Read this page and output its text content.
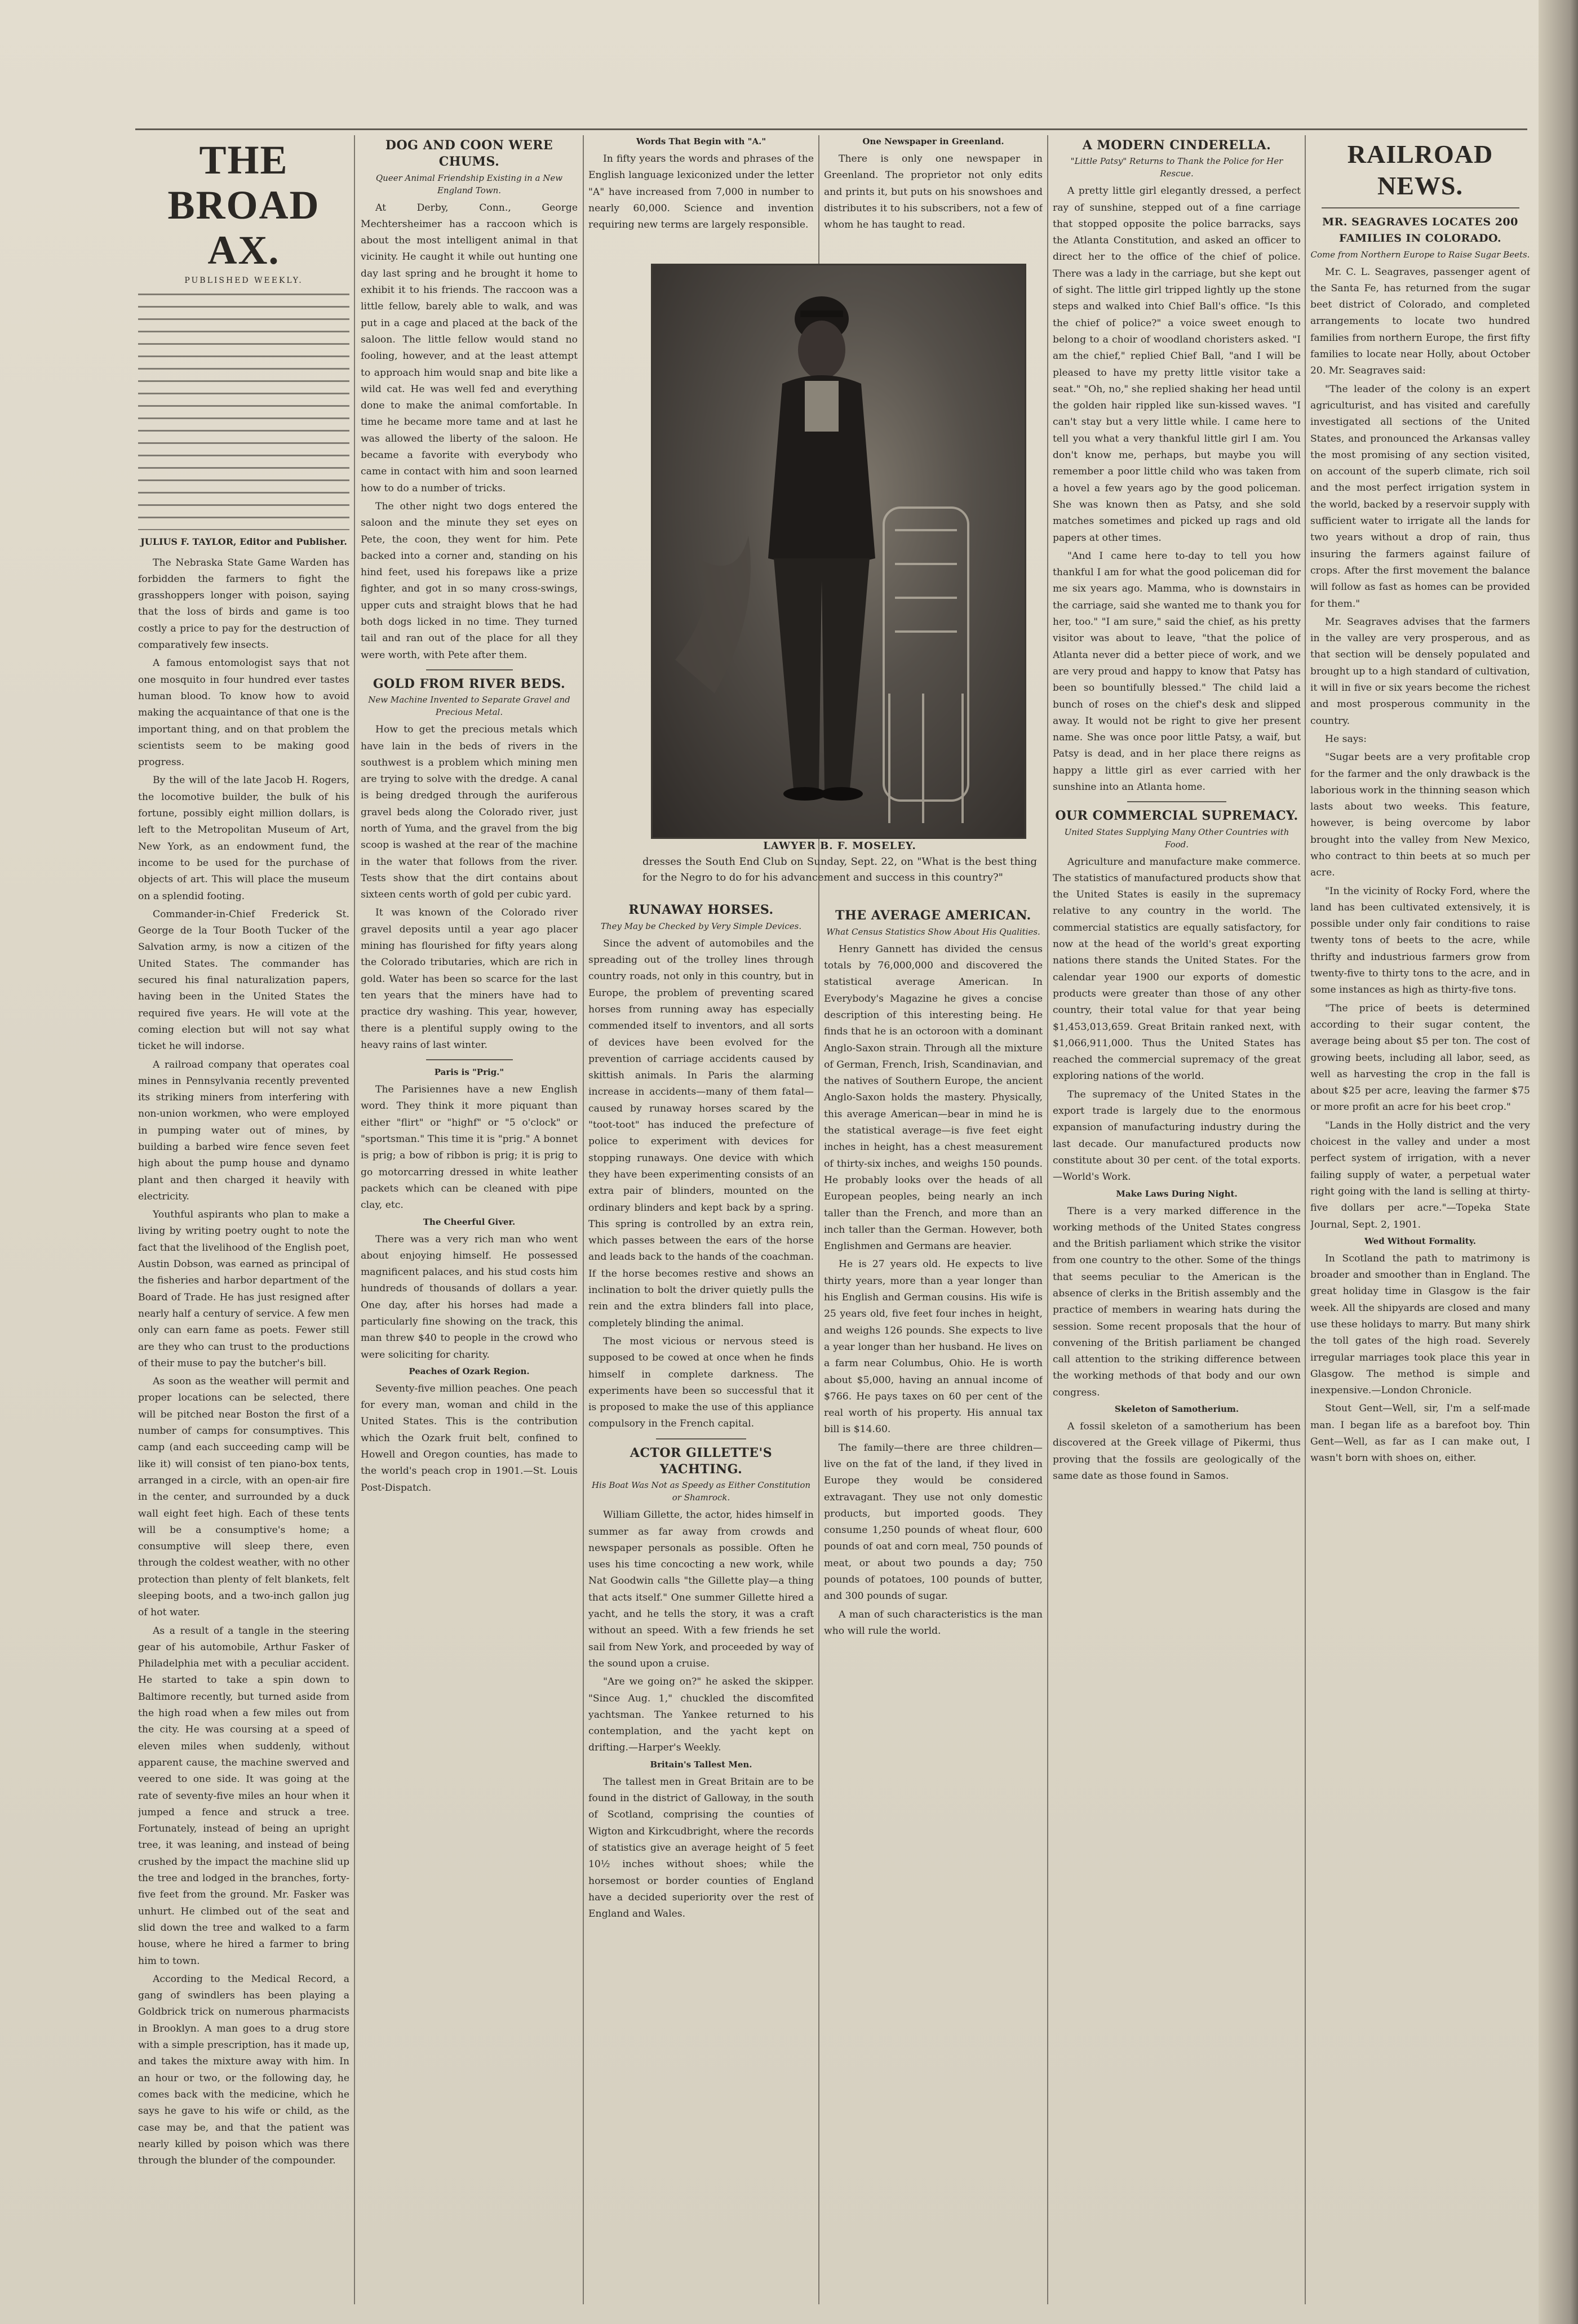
THE BROAD AX.
PUBLISHED WEEKLY.
JULIUS F. TAYLOR, Editor and Publisher.

The Nebraska State Game Warden has forbidden the farmers to fight the grasshoppers longer with poison, saying that the loss of birds and game is too costly a price to pay for the destruction of comparatively few insects.

A famous entomologist says that not one mosquito in four hundred ever tastes human blood. To know how to avoid making the acquaintance of that one is the important thing, and on that problem the scientists seem to be making good progress.

By the will of the late Jacob H. Rogers, the locomotive builder, the bulk of his fortune, possibly eight million dollars, is left to the Metropolitan Museum of Art, New York, as an endowment fund, the income to be used for the purchase of objects of art. This will place the museum on a splendid footing.

Commander-in-Chief Frederick St. George de la Tour Booth Tucker of the Salvation army, is now a citizen of the United States. The commander has secured his final naturalization papers, having been in the United States the required five years. He will vote at the coming election but will not say what ticket he will indorse.

A railroad company that operates coal mines in Pennsylvania recently prevented its striking miners from interfering with non-union workmen, who were employed in pumping water out of mines, by building a barbed wire fence seven feet high about the pump house and dynamo plant and then charged it heavily with electricity.

Youthful aspirants who plan to make a living by writing poetry ought to note the fact that the livelihood of the English poet, Austin Dobson, was earned as principal of the fisheries and harbor department of the Board of Trade. He has just resigned after nearly half a century of service. A few men only can earn fame as poets. Fewer still are they who can trust to the productions of their muse to pay the butcher's bill.

As soon as the weather will permit and proper locations can be selected, there will be pitched near Boston the first of a number of camps for consumptives. This camp (and each succeeding camp will be like it) will consist of ten piano-box tents, arranged in a circle, with an open-air fire in the center, and surrounded by a duck wall eight feet high. Each of these tents will be a consumptive's home; a consumptive will sleep there, even through the coldest weather, with no other protection than plenty of felt blankets, felt sleeping boots, and a two-inch gallon jug of hot water.

As a result of a tangle in the steering gear of his automobile, Arthur Fasker of Philadelphia met with a peculiar accident. He started to take a spin down to Baltimore recently, but turned aside from the high road when a few miles out from the city. He was coursing at a speed of eleven miles when suddenly, without apparent cause, the machine swerved and veered to one side. It was going at the rate of seventy-five miles an hour when it jumped a fence and struck a tree. Fortunately, instead of being an upright tree, it was leaning, and instead of being crushed by the impact the machine slid up the tree and lodged in the branches, forty-five feet from the ground. Mr. Fasker was unhurt. He climbed out of the seat and slid down the tree and walked to a farm house, where he hired a farmer to bring him to town.

According to the Medical Record, a gang of swindlers has been playing a Goldbrick trick on numerous pharmacists in Brooklyn. A man goes to a drug store with a simple prescription, has it made up, and takes the mixture away with him. In an hour or two, or the following day, he comes back with the medicine, which he says he gave to his wife or child, as the case may be, and that the patient was nearly killed by poison which was there through the blunder of the compounder.

DOG AND COON WERE CHUMS.
Queer Animal Friendship Existing in a New England Town.

At Derby, Conn., George Mechtersheimer has a raccoon which is about the most intelligent animal in that vicinity. He caught it while out hunting one day last spring and he brought it home to exhibit it to his friends. The raccoon was a little fellow, barely able to walk, and was put in a cage and placed at the back of the saloon. The little fellow would stand no fooling, however, and at the least attempt to approach him would snap and bite like a wild cat. He was well fed and everything done to make the animal comfortable. In time he became more tame and at last he was allowed the liberty of the saloon. He became a favorite with everybody who came in contact with him and soon learned how to do a number of tricks.

The other night two dogs entered the saloon and the minute they set eyes on Pete, the coon, they went for him. Pete backed into a corner and, standing on his hind feet, used his forepaws like a prize fighter, and got in so many cross-swings, upper cuts and straight blows that he had both dogs licked in no time. They turned tail and ran out of the place for all they were worth, with Pete after them.

GOLD FROM RIVER BEDS.
New Machine Invented to Separate Gravel and Precious Metal.

How to get the precious metals which have lain in the beds of rivers in the southwest is a problem which mining men are trying to solve with the dredge. A canal is being dredged through the auriferous gravel beds along the Colorado river, just north of Yuma, and the gravel from the big scoop is washed at the rear of the machine in the water that follows from the river. Tests show that the dirt contains about sixteen cents worth of gold per cubic yard.

It was known of the Colorado river gravel deposits until a year ago placer mining has flourished for fifty years along the Colorado tributaries, which are rich in gold. Water has been so scarce for the last ten years that the miners have had to practice dry washing. This year, however, there is a plentiful supply owing to the heavy rains of last winter.

Paris is "Prig."

The Parisiennes have a new English word. They think it more piquant than either "flirt" or "highf" or "5 o'clock" or "sportsman." This time it is "prig." A bonnet is prig; a bow of ribbon is prig; it is prig to go motorcarring dressed in white leather packets which can be cleaned with pipe clay, etc.

The Cheerful Giver.

There was a very rich man who went about enjoying himself. He possessed magnificent palaces, and his stud costs him hundreds of thousands of dollars a year. One day, after his horses had made a particularly fine showing on the track, this man threw $40 to people in the crowd who were soliciting for charity.

Peaches of Ozark Region.

Seventy-five million peaches. One peach for every man, woman and child in the United States. This is the contribution which the Ozark fruit belt, confined to Howell and Oregon counties, has made to the world's peach crop in 1901.—St. Louis Post-Dispatch.

Words That Begin with "A."

In fifty years the words and phrases of the English language lexiconized under the letter "A" have increased from 7,000 in number to nearly 60,000. Science and invention requiring new terms are largely responsible.

RUNAWAY HORSES.
They May be Checked by Very Simple Devices.

Since the advent of automobiles and the spreading out of the trolley lines through country roads, not only in this country, but in Europe, the problem of preventing scared horses from running away has especially commended itself to inventors, and all sorts of devices have been evolved for the prevention of carriage accidents caused by skittish animals. In Paris the alarming increase in accidents—many of them fatal—caused by runaway horses scared by the "toot-toot" has induced the prefecture of police to experiment with devices for stopping runaways. One device with which they have been experimenting consists of an extra pair of blinders, mounted on the ordinary blinders and kept back by a spring. This spring is controlled by an extra rein, which passes between the ears of the horse and leads back to the hands of the coachman. If the horse becomes restive and shows an inclination to bolt the driver quietly pulls the rein and the extra blinders fall into place, completely blinding the animal.

The most vicious or nervous steed is supposed to be cowed at once when he finds himself in complete darkness. The experiments have been so successful that it is proposed to make the use of this appliance compulsory in the French capital.

ACTOR GILLETTE'S YACHTING.
His Boat Was Not as Speedy as Either Constitution or Shamrock.

William Gillette, the actor, hides himself in summer as far away from crowds and newspaper personals as possible. Often he uses his time concocting a new work, while Nat Goodwin calls "the Gillette play—a thing that acts itself." One summer Gillette hired a yacht, and he tells the story, it was a craft without an speed. With a few friends he set sail from New York, and proceeded by way of the sound upon a cruise.

"Are we going on?" he asked the skipper. "Since Aug. 1," chuckled the discomfited yachtsman. The Yankee returned to his contemplation, and the yacht kept on drifting.—Harper's Weekly.

Britain's Tallest Men.

The tallest men in Great Britain are to be found in the district of Galloway, in the south of Scotland, comprising the counties of Wigton and Kirkcudbright, where the records of statistics give an average height of 5 feet 10½ inches without shoes; while the horsemost or border counties of England have a decided superiority over the rest of England and Wales.

One Newspaper in Greenland.

There is only one newspaper in Greenland. The proprietor not only edits and prints it, but puts on his snowshoes and distributes it to his subscribers, not a few of whom he has taught to read.

THE AVERAGE AMERICAN.
What Census Statistics Show About His Qualities.

Henry Gannett has divided the census totals by 76,000,000 and discovered the statistical average American. In Everybody's Magazine he gives a concise description of this interesting being. He finds that he is an octoroon with a dominant Anglo-Saxon strain. Through all the mixture of German, French, Irish, Scandinavian, and the natives of Southern Europe, the ancient Anglo-Saxon holds the mastery. Physically, this average American—bear in mind he is the statistical average—is five feet eight inches in height, has a chest measurement of thirty-six inches, and weighs 150 pounds. He probably looks over the heads of all European peoples, being nearly an inch taller than the French, and more than an inch taller than the German. However, both Englishmen and Germans are heavier.

He is 27 years old. He expects to live thirty years, more than a year longer than his English and German cousins. His wife is 25 years old, five feet four inches in height, and weighs 126 pounds. She expects to live a year longer than her husband. He lives on a farm near Columbus, Ohio. He is worth about $5,000, having an annual income of $766. He pays taxes on 60 per cent of the real worth of his property. His annual tax bill is $14.60.

The family—there are three children—live on the fat of the land, if they lived in Europe they would be considered extravagant. They use not only domestic products, but imported goods. They consume 1,250 pounds of wheat flour, 600 pounds of oat and corn meal, 750 pounds of meat, or about two pounds a day; 750 pounds of potatoes, 100 pounds of butter, and 300 pounds of sugar.

A man of such characteristics is the man who will rule the world.

LAWYER B. F. MOSELEY.
dresses the South End Club on Sunday, Sept. 22, on "What is the best thing for the Negro to do for his advancement and success in this country?"
A MODERN CINDERELLA.
"Little Patsy" Returns to Thank the Police for Her Rescue.

A pretty little girl elegantly dressed, a perfect ray of sunshine, stepped out of a fine carriage that stopped opposite the police barracks, says the Atlanta Constitution, and asked an officer to direct her to the office of the chief of police. There was a lady in the carriage, but she kept out of sight. The little girl tripped lightly up the stone steps and walked into Chief Ball's office. "Is this the chief of police?" a voice sweet enough to belong to a choir of woodland choristers asked. "I am the chief," replied Chief Ball, "and I will be pleased to have my pretty little visitor take a seat." "Oh, no," she replied shaking her head until the golden hair rippled like sun-kissed waves. "I can't stay but a very little while. I came here to tell you what a very thankful little girl I am. You don't know me, perhaps, but maybe you will remember a poor little child who was taken from a hovel a few years ago by the good policeman. She was known then as Patsy, and she sold matches sometimes and picked up rags and old papers at other times.

"And I came here to-day to tell you how thankful I am for what the good policeman did for me six years ago. Mamma, who is downstairs in the carriage, said she wanted me to thank you for her, too." "I am sure," said the chief, as his pretty visitor was about to leave, "that the police of Atlanta never did a better piece of work, and we are very proud and happy to know that Patsy has been so bountifully blessed." The child laid a bunch of roses on the chief's desk and slipped away. It would not be right to give her present name. She was once poor little Patsy, a waif, but Patsy is dead, and in her place there reigns as happy a little girl as ever carried with her sunshine into an Atlanta home.

OUR COMMERCIAL SUPREMACY.
United States Supplying Many Other Countries with Food.

Agriculture and manufacture make commerce. The statistics of manufactured products show that the United States is easily in the supremacy relative to any country in the world. The commercial statistics are equally satisfactory, for now at the head of the world's great exporting nations there stands the United States. For the calendar year 1900 our exports of domestic products were greater than those of any other country, their total value for that year being $1,453,013,659. Great Britain ranked next, with $1,066,911,000. Thus the United States has reached the commercial supremacy of the great exploring nations of the world.

The supremacy of the United States in the export trade is largely due to the enormous expansion of manufacturing industry during the last decade. Our manufactured products now constitute about 30 per cent. of the total exports.—World's Work.

Make Laws During Night.

There is a very marked difference in the working methods of the United States congress and the British parliament which strike the visitor from one country to the other. Some of the things that seems peculiar to the American is the absence of clerks in the British assembly and the practice of members in wearing hats during the session. Some recent proposals that the hour of convening of the British parliament be changed call attention to the striking difference between the working methods of that body and our own congress.

Skeleton of Samotherium.

A fossil skeleton of a samotherium has been discovered at the Greek village of Pikermi, thus proving that the fossils are geologically of the same date as those found in Samos.

RAILROAD NEWS.
MR. SEAGRAVES LOCATES 200 FAMILIES IN COLORADO.
Come from Northern Europe to Raise Sugar Beets.

Mr. C. L. Seagraves, passenger agent of the Santa Fe, has returned from the sugar beet district of Colorado, and completed arrangements to locate two hundred families from northern Europe, the first fifty families to locate near Holly, about October 20. Mr. Seagraves said:

"The leader of the colony is an expert agriculturist, and has visited and carefully investigated all sections of the United States, and pronounced the Arkansas valley the most promising of any section visited, on account of the superb climate, rich soil and the most perfect irrigation system in the world, backed by a reservoir supply with sufficient water to irrigate all the lands for two years without a drop of rain, thus insuring the farmers against failure of crops. After the first movement the balance will follow as fast as homes can be provided for them."

Mr. Seagraves advises that the farmers in the valley are very prosperous, and as that section will be densely populated and brought up to a high standard of cultivation, it will in five or six years become the richest and most prosperous community in the country.

He says:

"Sugar beets are a very profitable crop for the farmer and the only drawback is the laborious work in the thinning season which lasts about two weeks. This feature, however, is being overcome by labor brought into the valley from New Mexico, who contract to thin beets at so much per acre.

"In the vicinity of Rocky Ford, where the land has been cultivated extensively, it is possible under only fair conditions to raise twenty tons of beets to the acre, while thrifty and industrious farmers grow from twenty-five to thirty tons to the acre, and in some instances as high as thirty-five tons.

"The price of beets is determined according to their sugar content, the average being about $5 per ton. The cost of growing beets, including all labor, seed, as well as harvesting the crop in the fall is about $25 per acre, leaving the farmer $75 or more profit an acre for his beet crop."

"Lands in the Holly district and the very choicest in the valley and under a most perfect system of irrigation, with a never failing supply of water, a perpetual water right going with the land is selling at thirty-five dollars per acre."—Topeka State Journal, Sept. 2, 1901.

Wed Without Formality.

In Scotland the path to matrimony is broader and smoother than in England. The great holiday time in Glasgow is the fair week. All the shipyards are closed and many use these holidays to marry. But many shirk the toll gates of the high road. Severely irregular marriages took place this year in Glasgow. The method is simple and inexpensive.—London Chronicle.

Stout Gent—Well, sir, I'm a self-made man. I began life as a barefoot boy. Thin Gent—Well, as far as I can make out, I wasn't born with shoes on, either.
